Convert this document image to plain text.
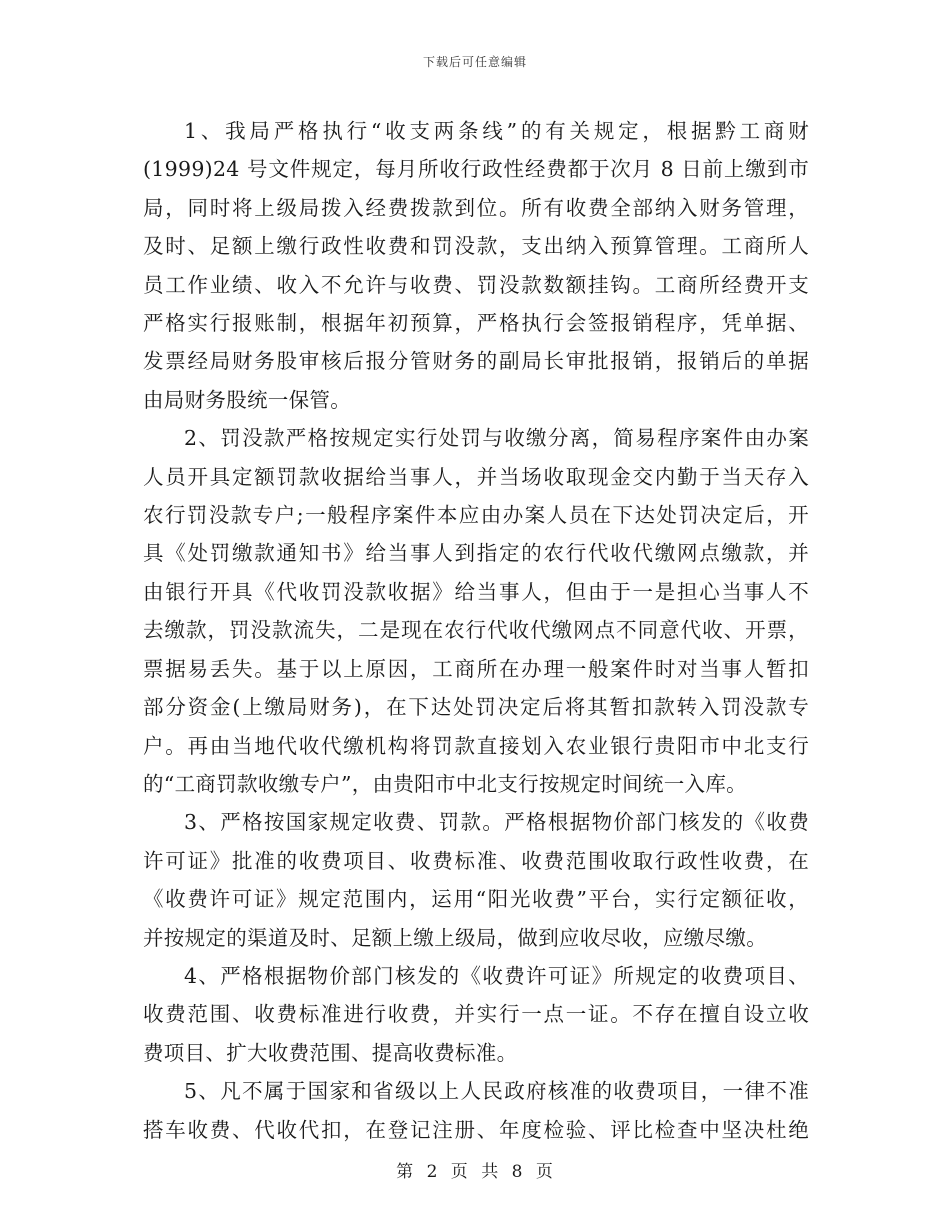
下载后可任意编辑
1、我局严格执行“收支两条线”的有关规定，根据黔工商财
(1999)24 号文件规定，每月所收行政性经费都于次月 8 日前上缴到市
局，同时将上级局拨入经费拨款到位。所有收费全部纳入财务管理，
及时、足额上缴行政性收费和罚没款，支出纳入预算管理。工商所人
员工作业绩、收入不允许与收费、罚没款数额挂钩。工商所经费开支
严格实行报账制，根据年初预算，严格执行会签报销程序，凭单据、
发票经局财务股审核后报分管财务的副局长审批报销，报销后的单据
由局财务股统一保管。
2、罚没款严格按规定实行处罚与收缴分离，简易程序案件由办案
人员开具定额罚款收据给当事人，并当场收取现金交内勤于当天存入
农行罚没款专户;一般程序案件本应由办案人员在下达处罚决定后，开
具《处罚缴款通知书》给当事人到指定的农行代收代缴网点缴款，并
由银行开具《代收罚没款收据》给当事人，但由于一是担心当事人不
去缴款，罚没款流失，二是现在农行代收代缴网点不同意代收、开票，
票据易丢失。基于以上原因，工商所在办理一般案件时对当事人暂扣
部分资金(上缴局财务)，在下达处罚决定后将其暂扣款转入罚没款专
户。再由当地代收代缴机构将罚款直接划入农业银行贵阳市中北支行
的“工商罚款收缴专户”，由贵阳市中北支行按规定时间统一入库。
3、严格按国家规定收费、罚款。严格根据物价部门核发的《收费
许可证》批准的收费项目、收费标准、收费范围收取行政性收费，在
《收费许可证》规定范围内，运用“阳光收费”平台，实行定额征收，
并按规定的渠道及时、足额上缴上级局，做到应收尽收，应缴尽缴。
4、严格根据物价部门核发的《收费许可证》所规定的收费项目、
收费范围、收费标准进行收费，并实行一点一证。不存在擅自设立收
费项目、扩大收费范围、提高收费标准。
5、凡不属于国家和省级以上人民政府核准的收费项目，一律不准
搭车收费、代收代扣，在登记注册、年度检验、评比检查中坚决杜绝
第 2 页 共 8 页
